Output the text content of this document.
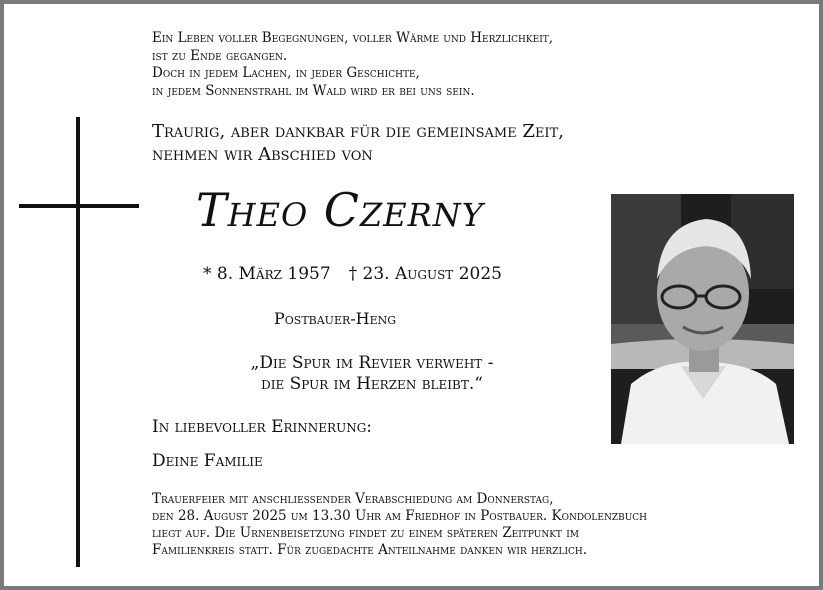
Ein Leben voller Begegnungen, voller Wärme und Herzlichkeit,
ist zu Ende gegangen.
Doch in jedem Lachen, in jeder Geschichte,
in jedem Sonnenstrahl im Wald wird er bei uns sein.
Traurig, aber dankbar für die gemeinsame Zeit,
nehmen wir Abschied von
Theo Czerny
* 8. März 1957 † 23. August 2025
Postbauer-Heng
„Die Spur im Revier verweht -
die Spur im Herzen bleibt.“
In liebevoller Erinnerung:
Deine Familie
Trauerfeier mit anschliessender Verabschiedung am Donnerstag,
den 28. August 2025 um 13.30 Uhr am Friedhof in Postbauer. Kondolenzbuch
liegt auf. Die Urnenbeisetzung findet zu einem späteren Zeitpunkt im
Familienkreis statt. Für zugedachte Anteilnahme danken wir herzlich.
